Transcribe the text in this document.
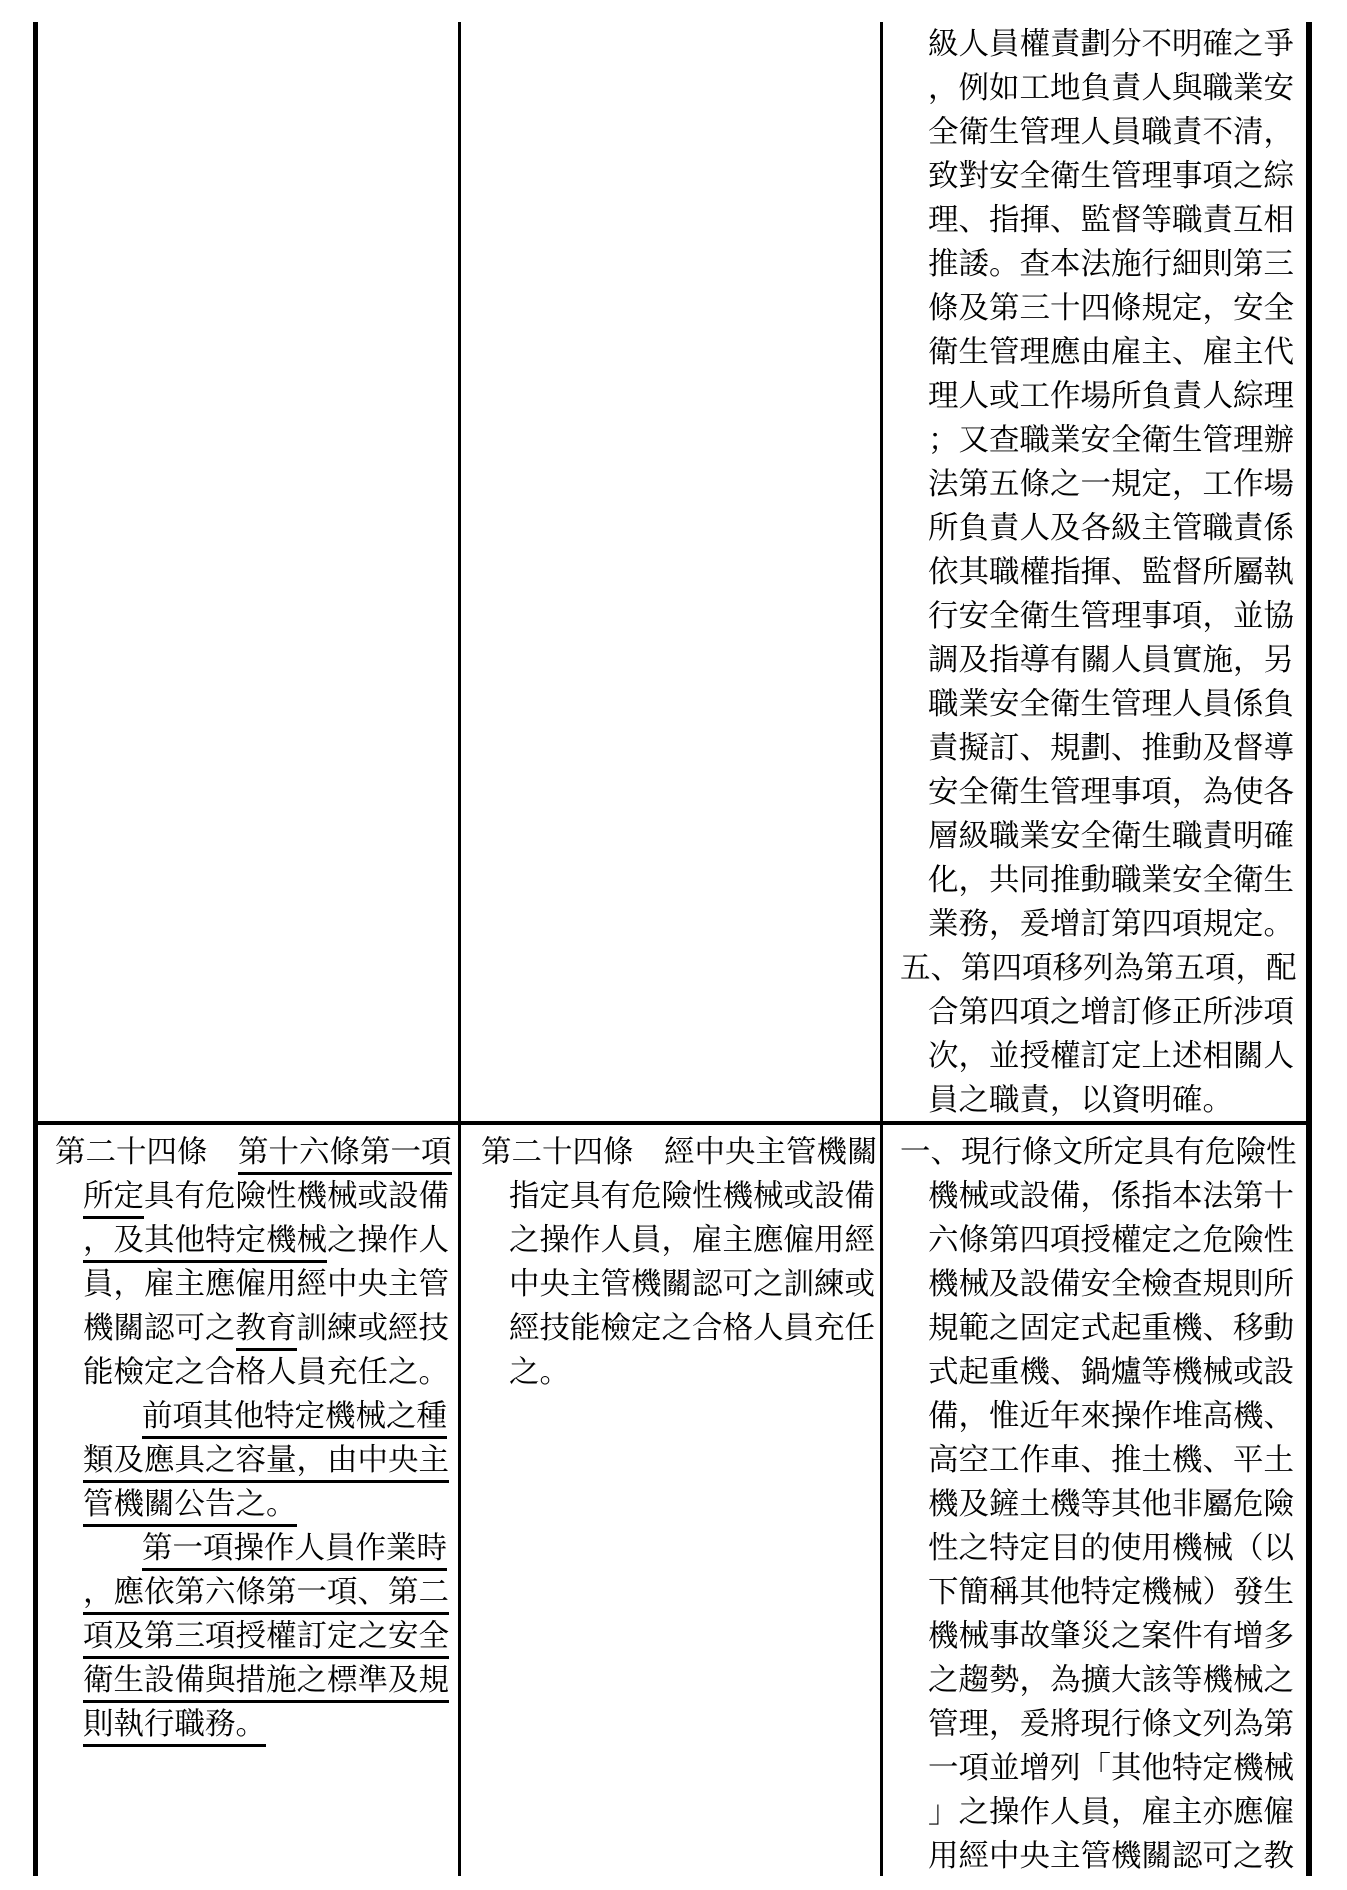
級人員權責劃分不明確之爭
，例如工地負責人與職業安
全衛生管理人員職責不清，
致對安全衛生管理事項之綜
理、指揮、監督等職責互相
推諉。查本法施行細則第三
條及第三十四條規定，安全
衛生管理應由雇主、雇主代
理人或工作場所負責人綜理
；又查職業安全衛生管理辦
法第五條之一規定，工作場
所負責人及各級主管職責係
依其職權指揮、監督所屬執
行安全衛生管理事項，並協
調及指導有關人員實施，另
職業安全衛生管理人員係負
責擬訂、規劃、推動及督導
安全衛生管理事項，為使各
層級職業安全衛生職責明確
化，共同推動職業安全衛生
業務，爰增訂第四項規定。
五、第四項移列為第五項，配
合第四項之增訂修正所涉項
次，並授權訂定上述相關人
員之職責，以資明確。
第二十四條　第十六條第一項
所定具有危險性機械或設備
，及其他特定機械之操作人
員，雇主應僱用經中央主管
機關認可之教育訓練或經技
能檢定之合格人員充任之。
前項其他特定機械之種
類及應具之容量，由中央主
管機關公告之。
第一項操作人員作業時
，應依第六條第一項、第二
項及第三項授權訂定之安全
衛生設備與措施之標準及規
則執行職務。
第二十四條　經中央主管機關
指定具有危險性機械或設備
之操作人員，雇主應僱用經
中央主管機關認可之訓練或
經技能檢定之合格人員充任
之。
一、現行條文所定具有危險性
機械或設備，係指本法第十
六條第四項授權定之危險性
機械及設備安全檢查規則所
規範之固定式起重機、移動
式起重機、鍋爐等機械或設
備，惟近年來操作堆高機、
高空工作車、推土機、平土
機及鏟土機等其他非屬危險
性之特定目的使用機械（以
下簡稱其他特定機械）發生
機械事故肇災之案件有增多
之趨勢，為擴大該等機械之
管理，爰將現行條文列為第
一項並增列「其他特定機械
」之操作人員，雇主亦應僱
用經中央主管機關認可之教
